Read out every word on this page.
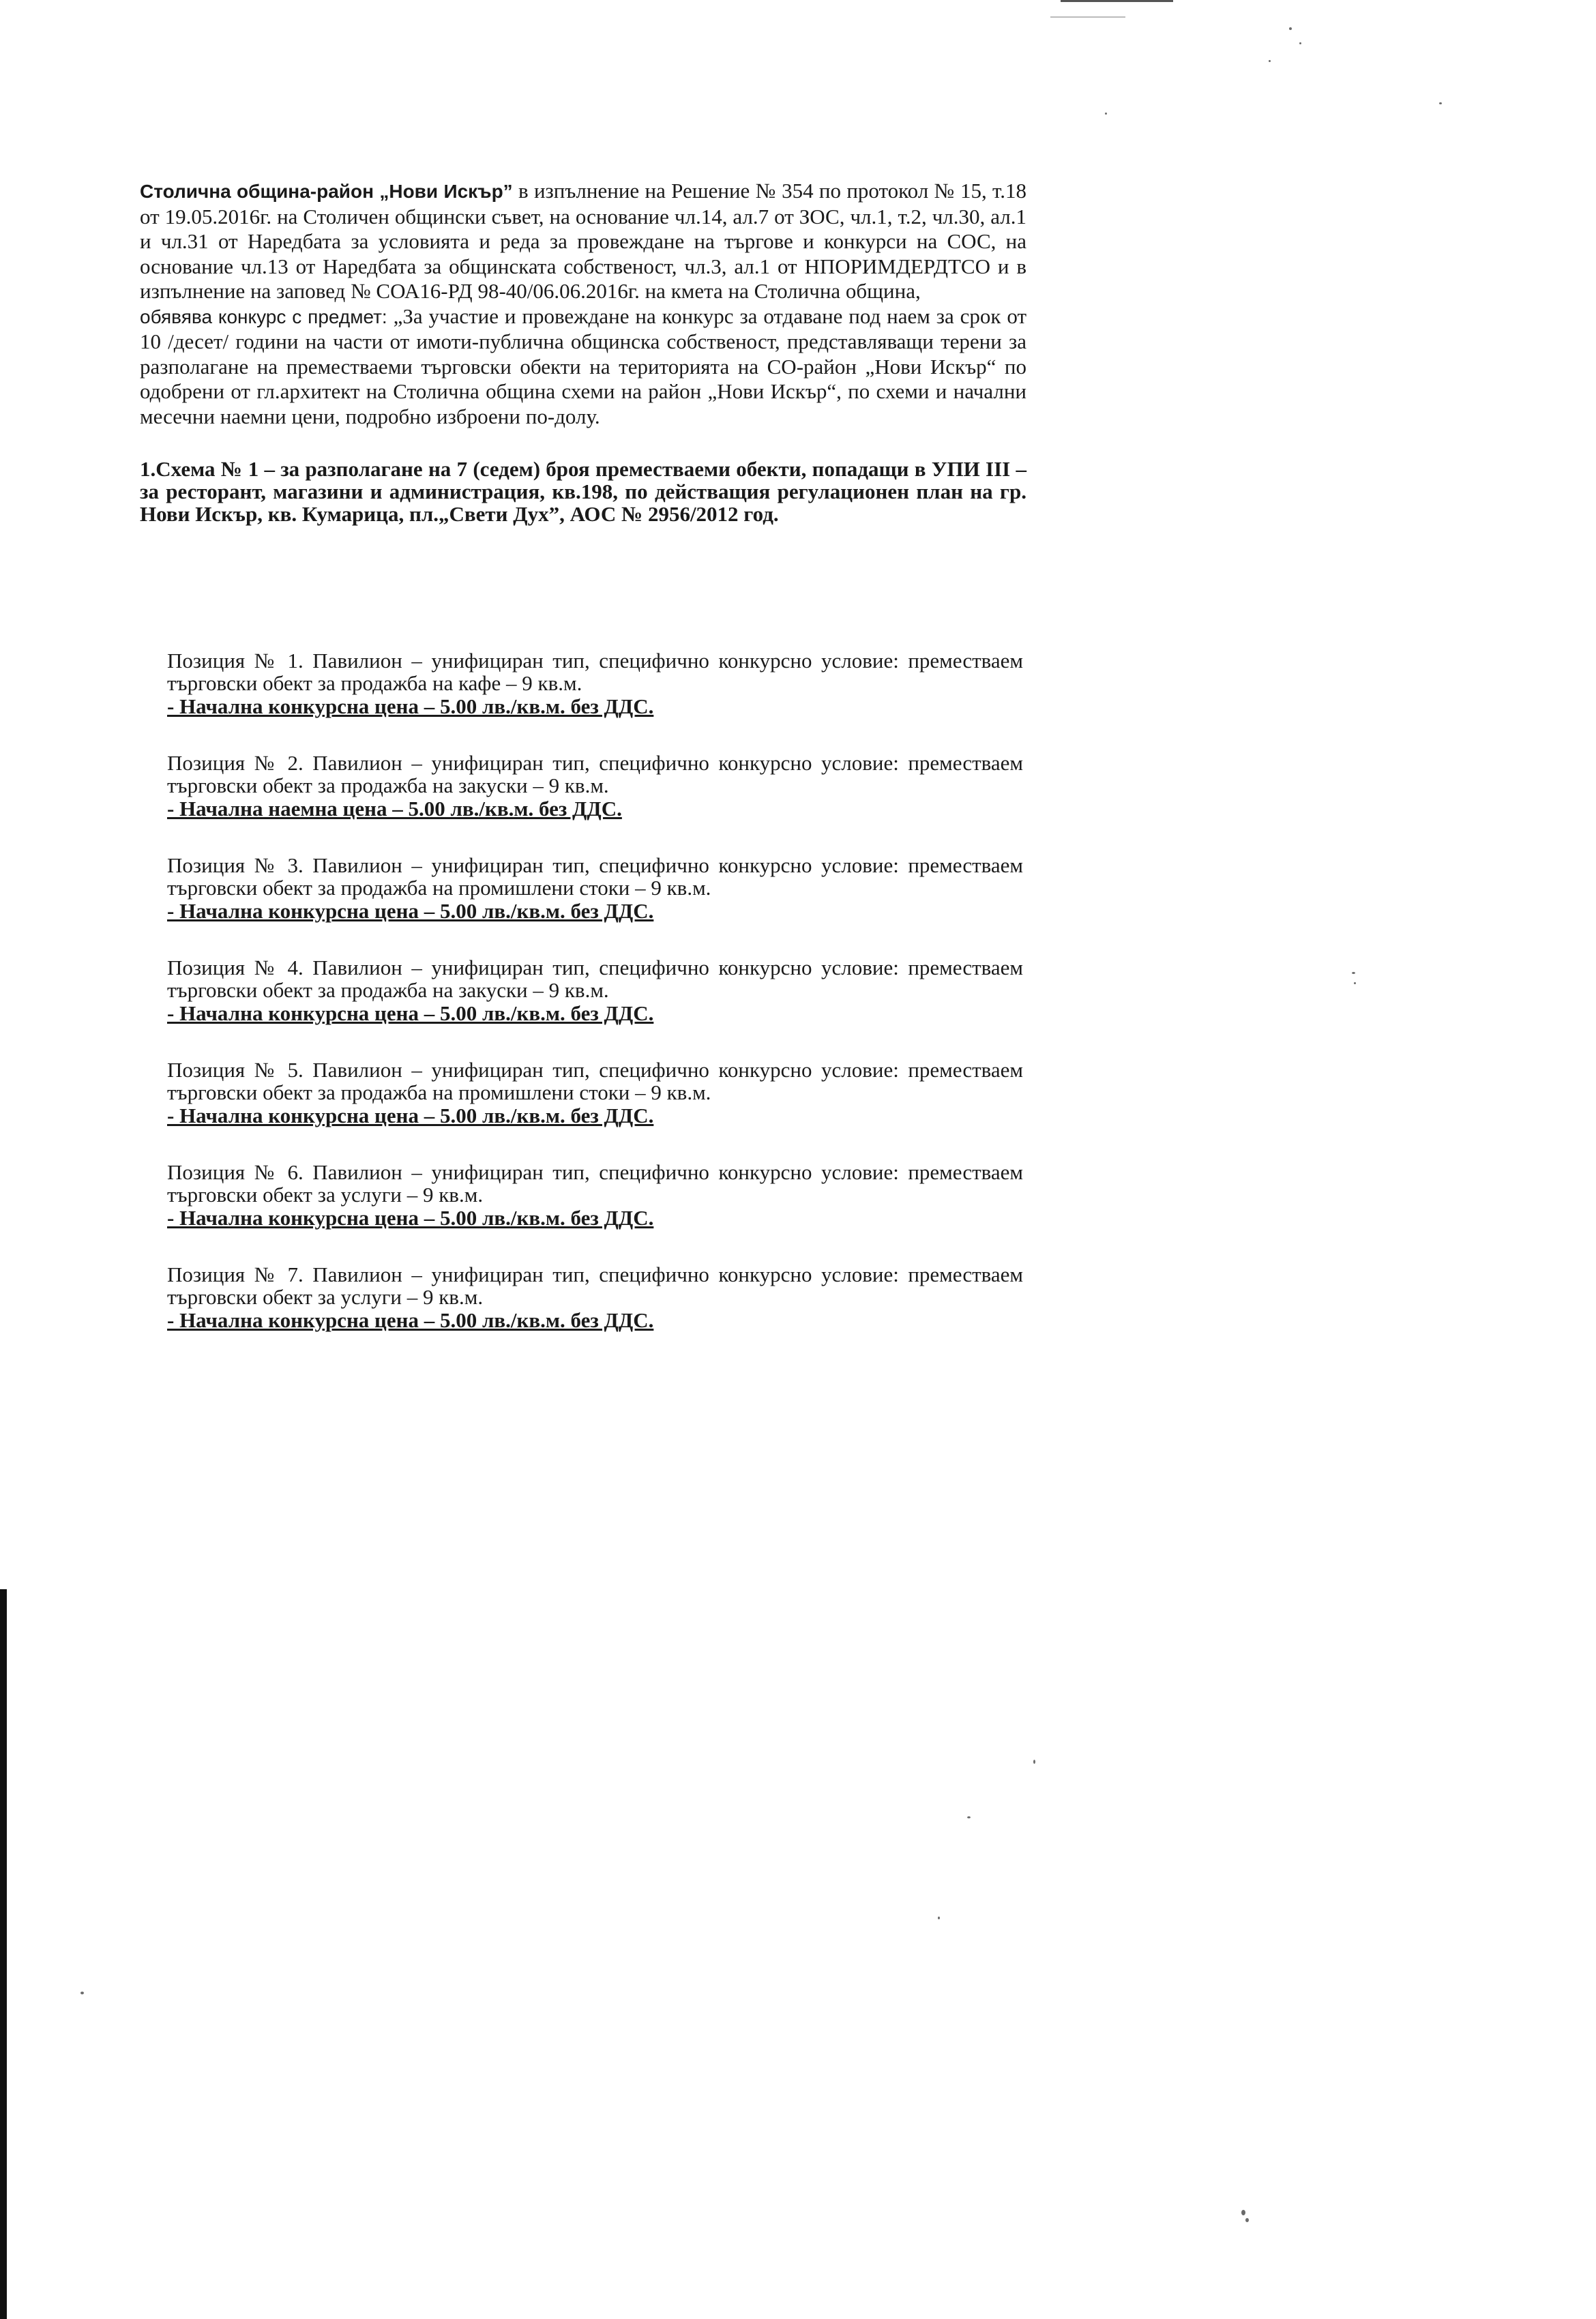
Столична община-район „Нови Искър” в изпълнение на Решение № 354 по протокол № 15, т.18 от 19.05.2016г. на Столичен общински съвет, на основание чл.14, ал.7 от ЗОС, чл.1, т.2, чл.30, ал.1 и чл.31 от Наредбата за условията и реда за провеждане на търгове и конкурси на СОС, на основание чл.13 от Наредбата за общинската собственост, чл.3, ал.1 от НПОРИМДЕРДТСО и в изпълнение на заповед № СОА16-РД 98-40/06.06.2016г. на кмета на Столична община,

обявява конкурс с предмет: „За участие и провеждане на конкурс за отдаване под наем за срок от 10 /десет/ години на части от имоти-публична общинска собственост, представляващи терени за разполагане на преместваеми търговски обекти на територията на СО-район „Нови Искър“ по одобрени от гл.архитект на Столична община схеми на район „Нови Искър“, по схеми и начални месечни наемни цени, подробно изброени по-долу.

1.Схема № 1 – за разполагане на 7 (седем) броя преместваеми обекти, попадащи в УПИ III – за ресторант, магазини и администрация, кв.198, по действащия регулационен план на гр. Нови Искър, кв. Кумарица, пл.„Свети Дух”, АОС № 2956/2012 год.

Позиция № 1. Павилион – унифициран тип, специфично конкурсно условие: преместваем търговски обект за продажба на кафе – 9 кв.м.

- Начална конкурсна цена – 5.00 лв./кв.м. без ДДС.

Позиция № 2. Павилион – унифициран тип, специфично конкурсно условие: преместваем търговски обект за продажба на закуски – 9 кв.м.

- Начална наемна цена – 5.00 лв./кв.м. без ДДС.

Позиция № 3. Павилион – унифициран тип, специфично конкурсно условие: преместваем търговски обект за продажба на промишлени стоки – 9 кв.м.

- Начална конкурсна цена – 5.00 лв./кв.м. без ДДС.

Позиция № 4. Павилион – унифициран тип, специфично конкурсно условие: преместваем търговски обект за продажба на закуски – 9 кв.м.

- Начална конкурсна цена – 5.00 лв./кв.м. без ДДС.

Позиция № 5. Павилион – унифициран тип, специфично конкурсно условие: преместваем търговски обект за продажба на промишлени стоки – 9 кв.м.

- Начална конкурсна цена – 5.00 лв./кв.м. без ДДС.

Позиция № 6. Павилион – унифициран тип, специфично конкурсно условие: преместваем търговски обект за услуги – 9 кв.м.

- Начална конкурсна цена – 5.00 лв./кв.м. без ДДС.

Позиция № 7. Павилион – унифициран тип, специфично конкурсно условие: преместваем търговски обект за услуги – 9 кв.м.

- Начална конкурсна цена – 5.00 лв./кв.м. без ДДС.
